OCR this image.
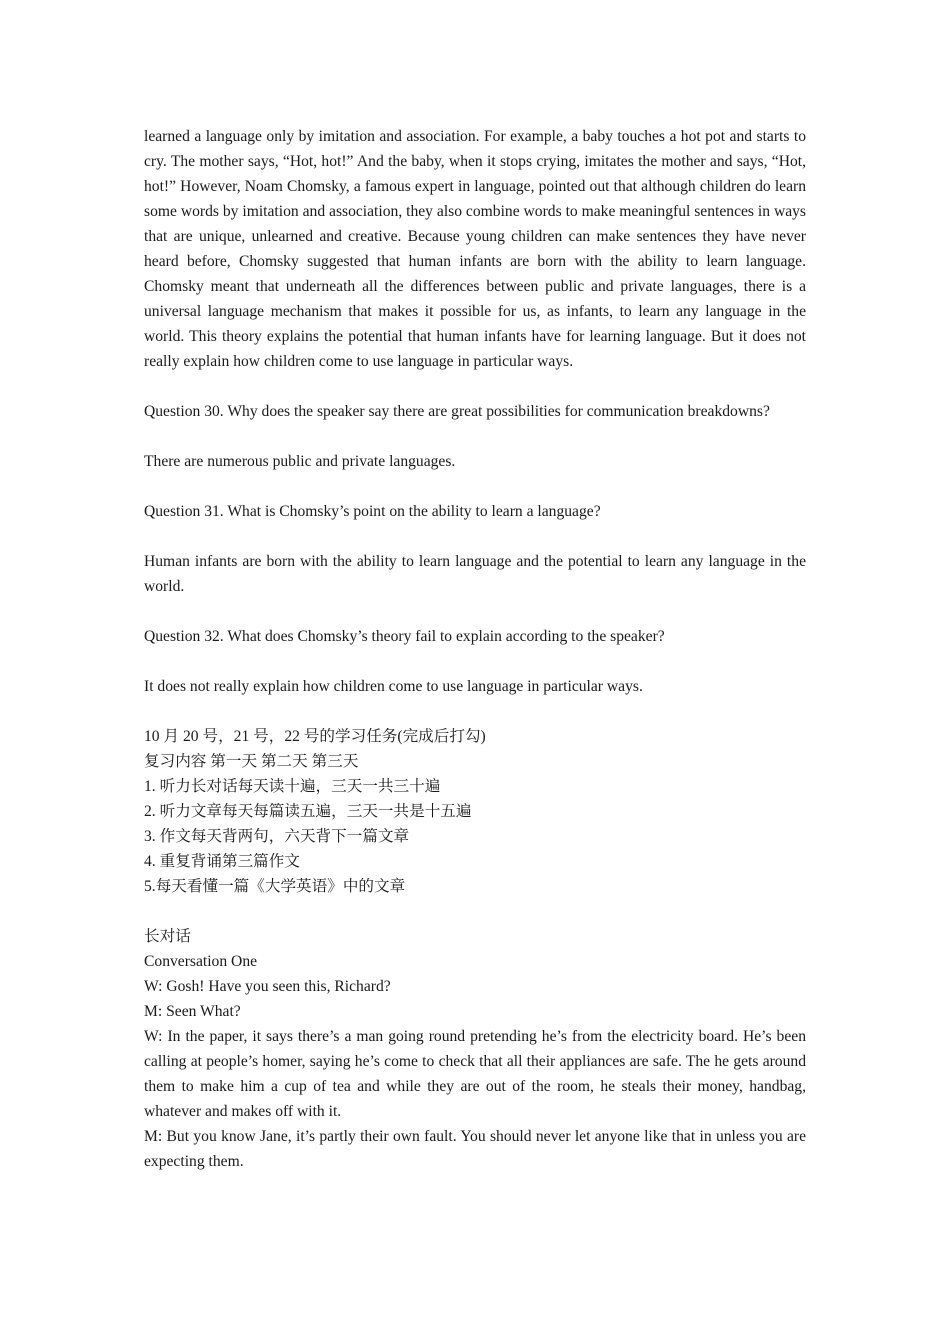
learned a language only by imitation and association. For example, a baby touches a hot pot and starts to cry. The mother says, “Hot, hot!” And the baby, when it stops crying, imitates the mother and says, “Hot, hot!” However, Noam Chomsky, a famous expert in language, pointed out that although children do learn some words by imitation and association, they also combine words to make meaningful sentences in ways that are unique, unlearned and creative. Because young children can make sentences they have never heard before, Chomsky suggested that human infants are born with the ability to learn language. Chomsky meant that underneath all the differences between public and private languages, there is a universal language mechanism that makes it possible for us, as infants, to learn any language in the world. This theory explains the potential that human infants have for learning language. But it does not really explain how children come to use language in particular ways.

Question 30. Why does the speaker say there are great possibilities for communication breakdowns?

There are numerous public and private languages.

Question 31. What is Chomsky’s point on the ability to learn a language?

Human infants are born with the ability to learn language and the potential to learn any language in the world.

Question 32. What does Chomsky’s theory fail to explain according to the speaker?

It does not really explain how children come to use language in particular ways.

10 月 20 号，21 号，22 号的学习任务(完成后打勾)

复习内容 第一天 第二天 第三天

1. 听力长对话每天读十遍，三天一共三十遍

2. 听力文章每天每篇读五遍，三天一共是十五遍

3. 作文每天背两句，六天背下一篇文章

4. 重复背诵第三篇作文

5.每天看懂一篇《大学英语》中的文章

长对话

Conversation One

W: Gosh! Have you seen this, Richard?

M: Seen What?

W: In the paper, it says there’s a man going round pretending he’s from the electricity board. He’s been calling at people’s homer, saying he’s come to check that all their appliances are safe. The he gets around them to make him a cup of tea and while they are out of the room, he steals their money, handbag, whatever and makes off with it.

M: But you know Jane, it’s partly their own fault. You should never let anyone like that in unless you are expecting them.
